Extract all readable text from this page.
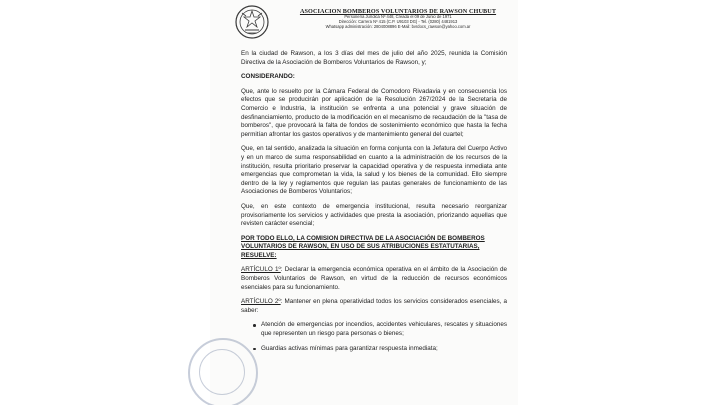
ASOCIACION BOMBEROS VOLUNTARIOS DE RAWSON CHUBUT
Personería Jurídica Nº 448, Creada el 09 de Junio de 1971
Dirección: Carrera Nº 415 (C.P. U9103 DG) - Tel. (0280) 4481913
Whatsapp administración: 2804008896 E-Mail: bvrdocs_rawson@yahoo.com.ar

En la ciudad de Rawson, a los 3 días del mes de julio del año 2025, reunida la Comisión Directiva de la Asociación de Bomberos Voluntarios de Rawson, y;

CONSIDERANDO:

Que, ante lo resuelto por la Cámara Federal de Comodoro Rivadavia y en consecuencia los efectos que se producirán por aplicación de la Resolución 267/2024 de la Secretaría de Comercio e Industria, la institución se enfrenta a una potencial y grave situación de desfinanciamiento, producto de la modificación en el mecanismo de recaudación de la "tasa de bomberos", que provocará la falta de fondos de sostenimiento económico que hasta la fecha permitían afrontar los gastos operativos y de mantenimiento general del cuartel;

Que, en tal sentido, analizada la situación en forma conjunta con la Jefatura del Cuerpo Activo y en un marco de suma responsabilidad en cuanto a la administración de los recursos de la institución, resulta prioritario preservar la capacidad operativa y de respuesta inmediata ante emergencias que comprometan la vida, la salud y los bienes de la comunidad. Ello siempre dentro de la ley y reglamentos que regulan las pautas generales de funcionamiento de las Asociaciones de Bomberos Voluntarios;

Que, en este contexto de emergencia institucional, resulta necesario reorganizar provisoriamente los servicios y actividades que presta la asociación, priorizando aquellas que revisten carácter esencial;

POR TODO ELLO, LA COMISION DIRECTIVA DE LA ASOCIACIÓN DE BOMBEROS VOLUNTARIOS DE RAWSON, EN USO DE SUS ATRIBUCIONES ESTATUTARIAS, RESUELVE:

ARTÍCULO 1º: Declarar la emergencia económica operativa en el ámbito de la Asociación de Bomberos Voluntarios de Rawson, en virtud de la reducción de recursos económicos esenciales para su funcionamiento.

ARTÍCULO 2º: Mantener en plena operatividad todos los servicios considerados esenciales, a saber:

Atención de emergencias por incendios, accidentes vehiculares, rescates y situaciones que representen un riesgo para personas o bienes;
Guardias activas mínimas para garantizar respuesta inmediata;
